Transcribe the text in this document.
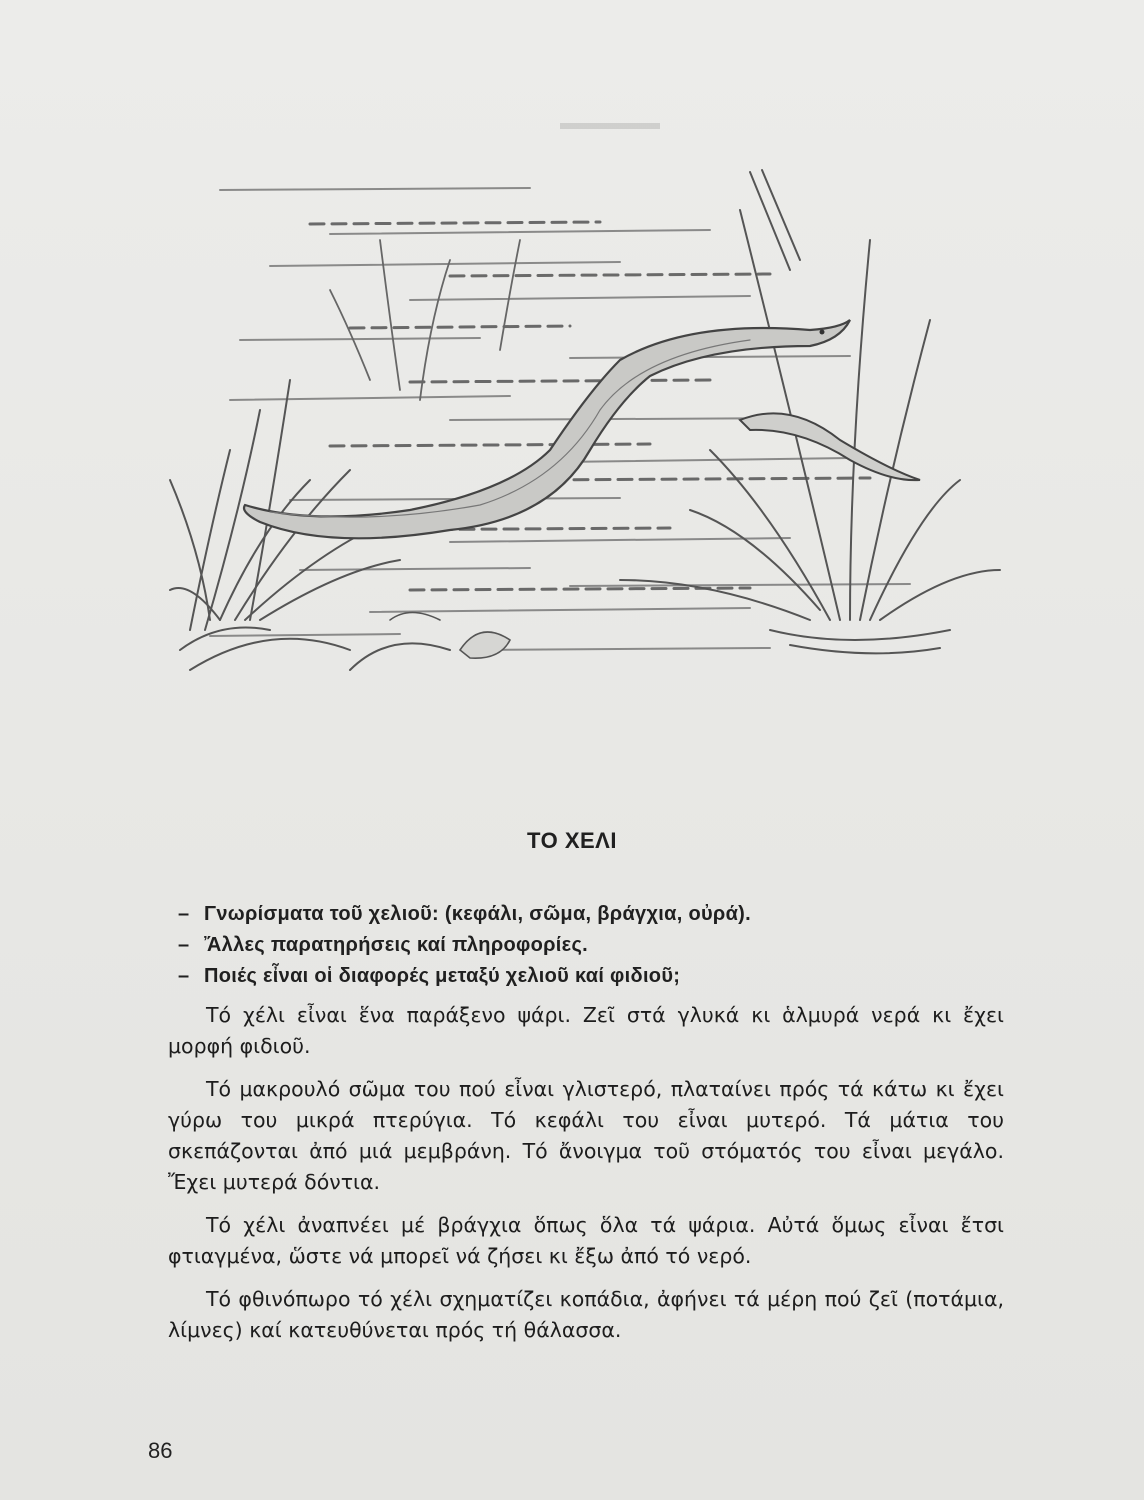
▬▬▬▬▬
ΤΟ ΧΕΛΙ
– Γνωρίσματα τοῦ χελιοῦ: (κεφάλι, σῶμα, βράγχια, οὐρά).
– Ἄλλες παρατηρήσεις καί πληροφορίες.
– Ποιές εἶναι οἱ διαφορές μεταξύ χελιοῦ καί φιδιοῦ;

Τό χέλι εἶναι ἕνα παράξενο ψάρι. Ζεῖ στά γλυκά κι ἁλμυρά νερά κι ἔχει μορφή φιδιοῦ.

Τό μακρουλό σῶμα του πού εἶναι γλιστερό, πλαταίνει πρός τά κάτω κι ἔχει γύρω του μικρά πτερύγια. Τό κεφάλι του εἶναι μυτερό. Τά μάτια του σκεπάζονται ἀπό μιά μεμβράνη. Τό ἄνοιγμα τοῦ στόματός του εἶναι μεγάλο. Ἔχει μυτερά δόντια.

Τό χέλι ἀναπνέει μέ βράγχια ὅπως ὅλα τά ψάρια. Αὐτά ὅμως εἶναι ἔτσι φτιαγμένα, ὥστε νά μπορεῖ νά ζήσει κι ἔξω ἀπό τό νερό.

Τό φθινόπωρο τό χέλι σχηματίζει κοπάδια, ἀφήνει τά μέρη πού ζεῖ (ποτάμια, λίμνες) καί κατευθύνεται πρός τή θάλασσα.

86
